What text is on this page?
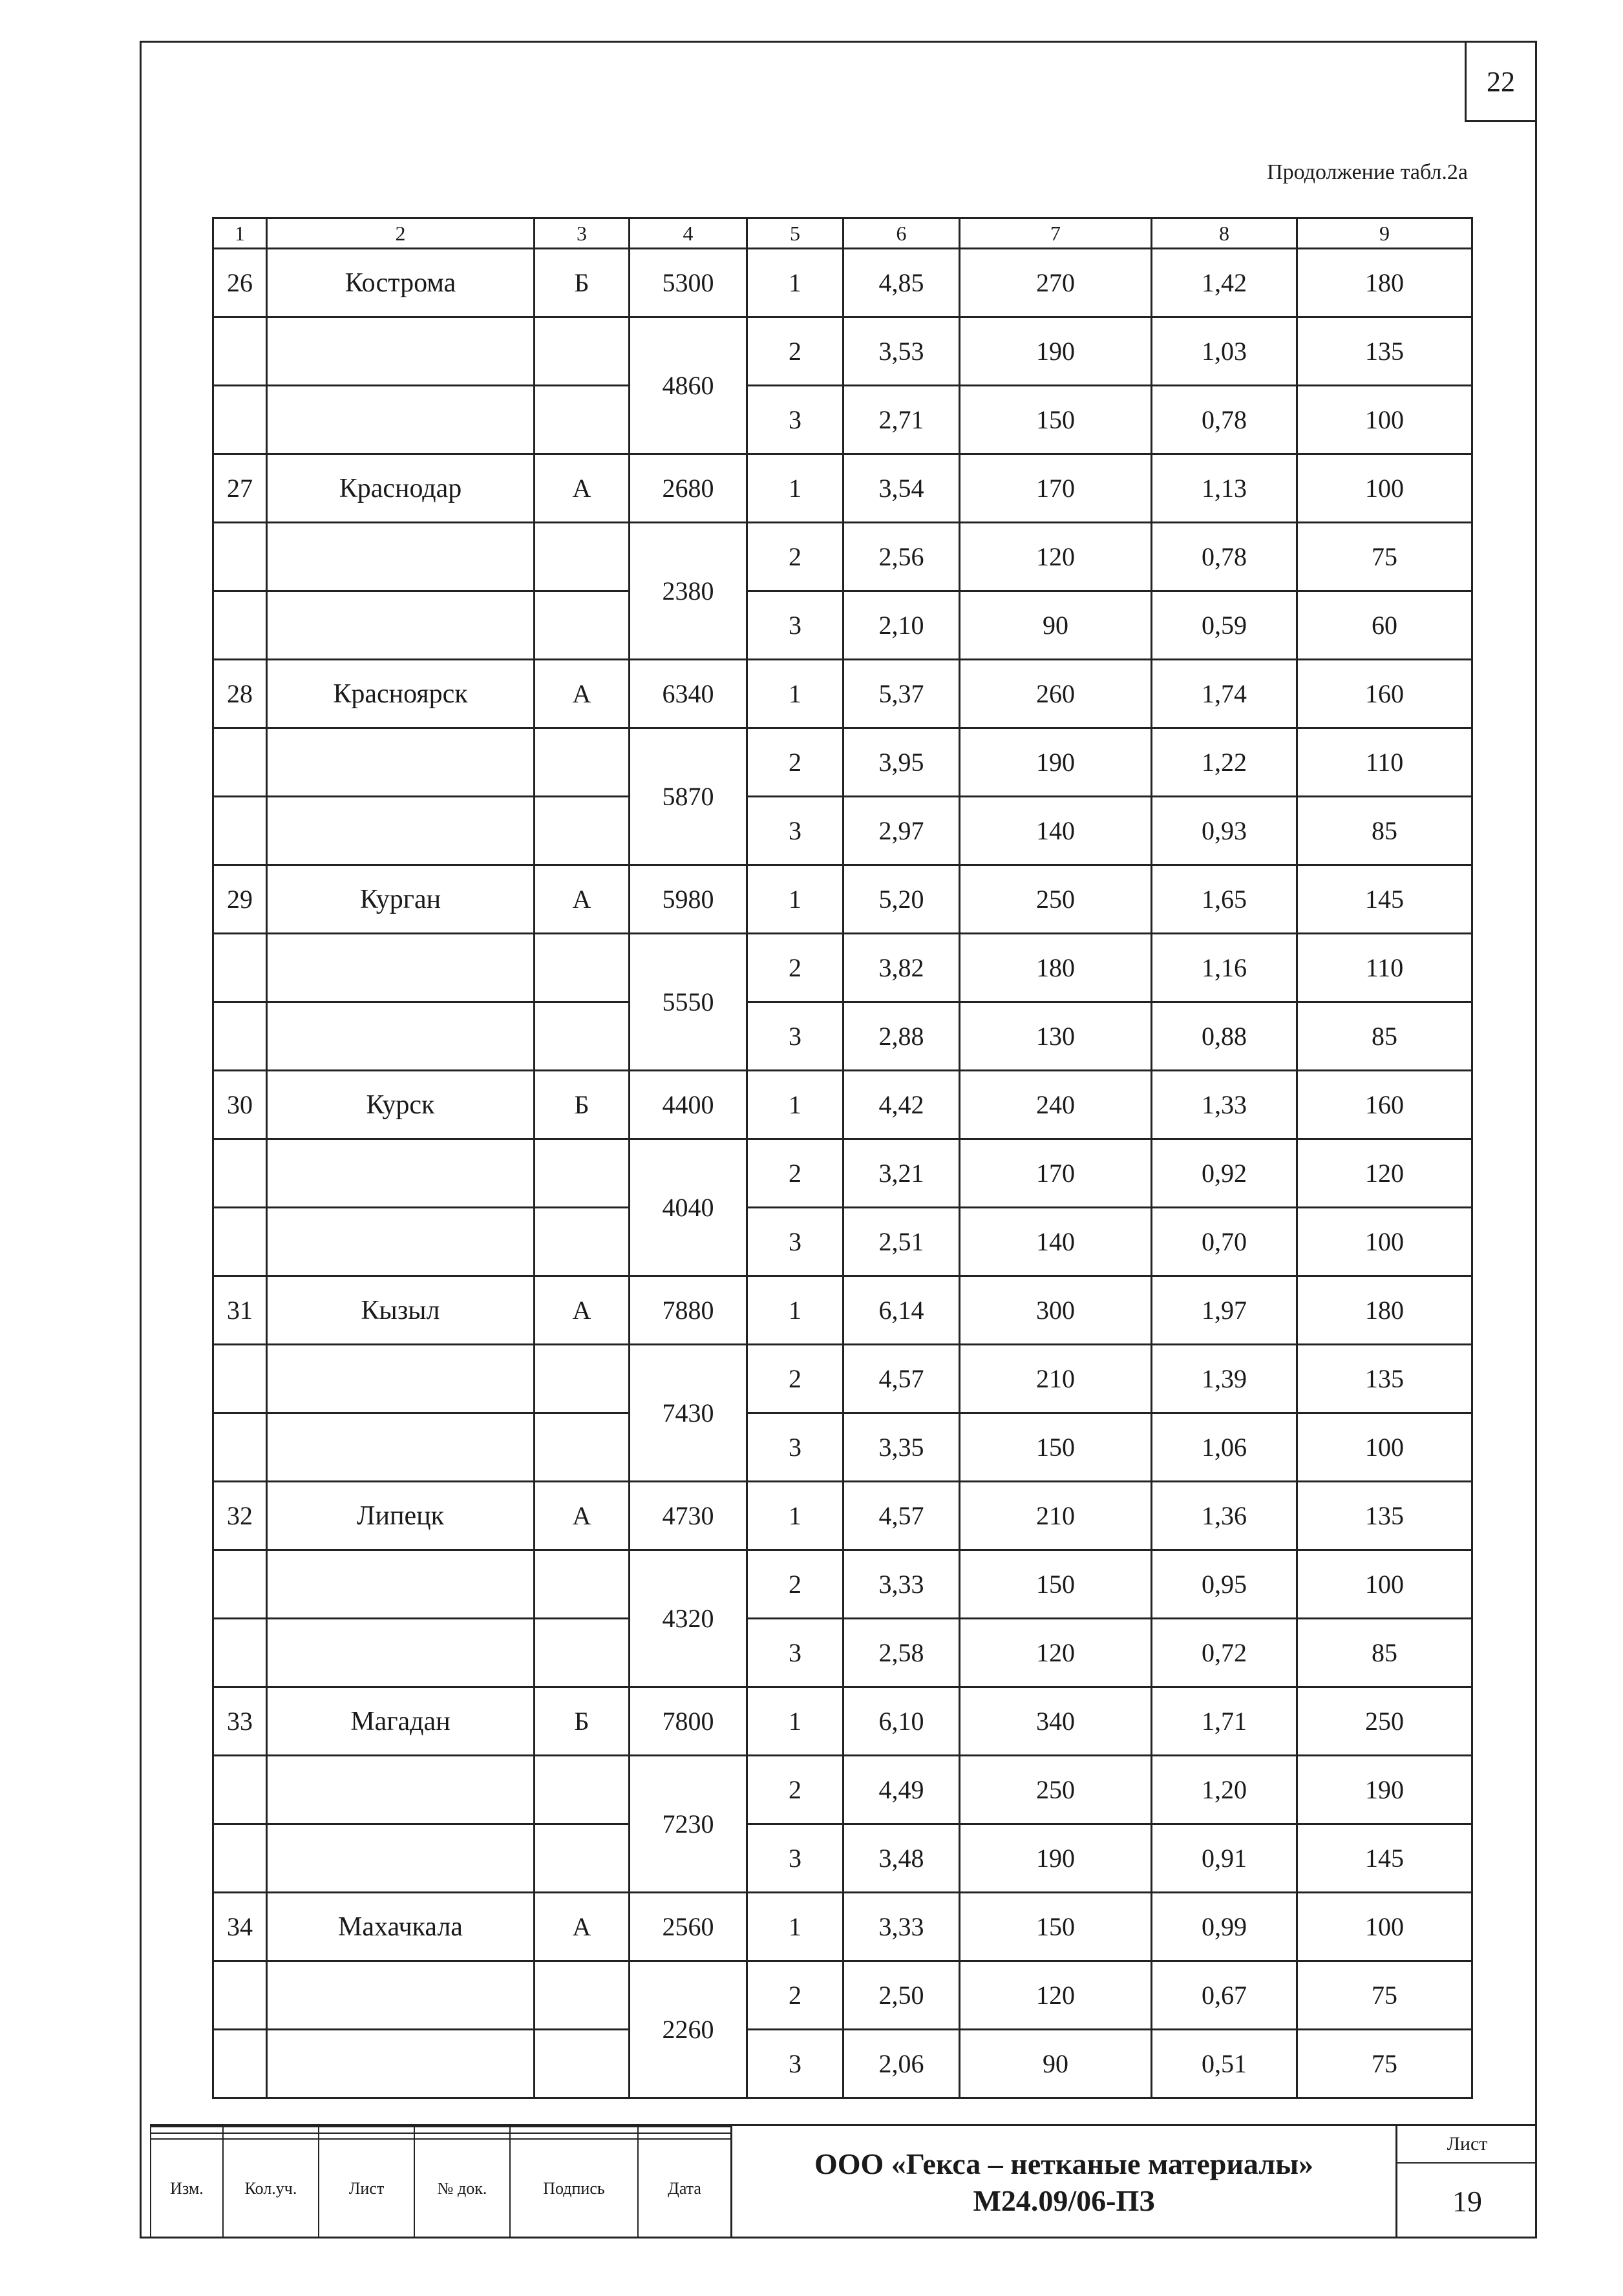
22
Продолжение табл.2а
1	2	3	4	5	6	7	8	9
26	Кострома	Б	5300	1	4,85	270	1,42	180
			4860	2	3,53	190	1,03	135
				3	2,71	150	0,78	100
27	Краснодар	А	2680	1	3,54	170	1,13	100
			2380	2	2,56	120	0,78	75
				3	2,10	90	0,59	60
28	Красноярск	А	6340	1	5,37	260	1,74	160
			5870	2	3,95	190	1,22	110
				3	2,97	140	0,93	85
29	Курган	А	5980	1	5,20	250	1,65	145
			5550	2	3,82	180	1,16	110
				3	2,88	130	0,88	85
30	Курск	Б	4400	1	4,42	240	1,33	160
			4040	2	3,21	170	0,92	120
				3	2,51	140	0,70	100
31	Кызыл	А	7880	1	6,14	300	1,97	180
			7430	2	4,57	210	1,39	135
				3	3,35	150	1,06	100
32	Липецк	А	4730	1	4,57	210	1,36	135
			4320	2	3,33	150	0,95	100
				3	2,58	120	0,72	85
33	Магадан	Б	7800	1	6,10	340	1,71	250
			7230	2	4,49	250	1,20	190
				3	3,48	190	0,91	145
34	Махачкала	А	2560	1	3,33	150	0,99	100
			2260	2	2,50	120	0,67	75
				3	2,06	90	0,51	75

Изм.	Кол.уч.	Лист	№ док.	Подпись	Дата
ООО «Гекса – нетканые материалы»
М24.09/06-ПЗ
Лист
19
